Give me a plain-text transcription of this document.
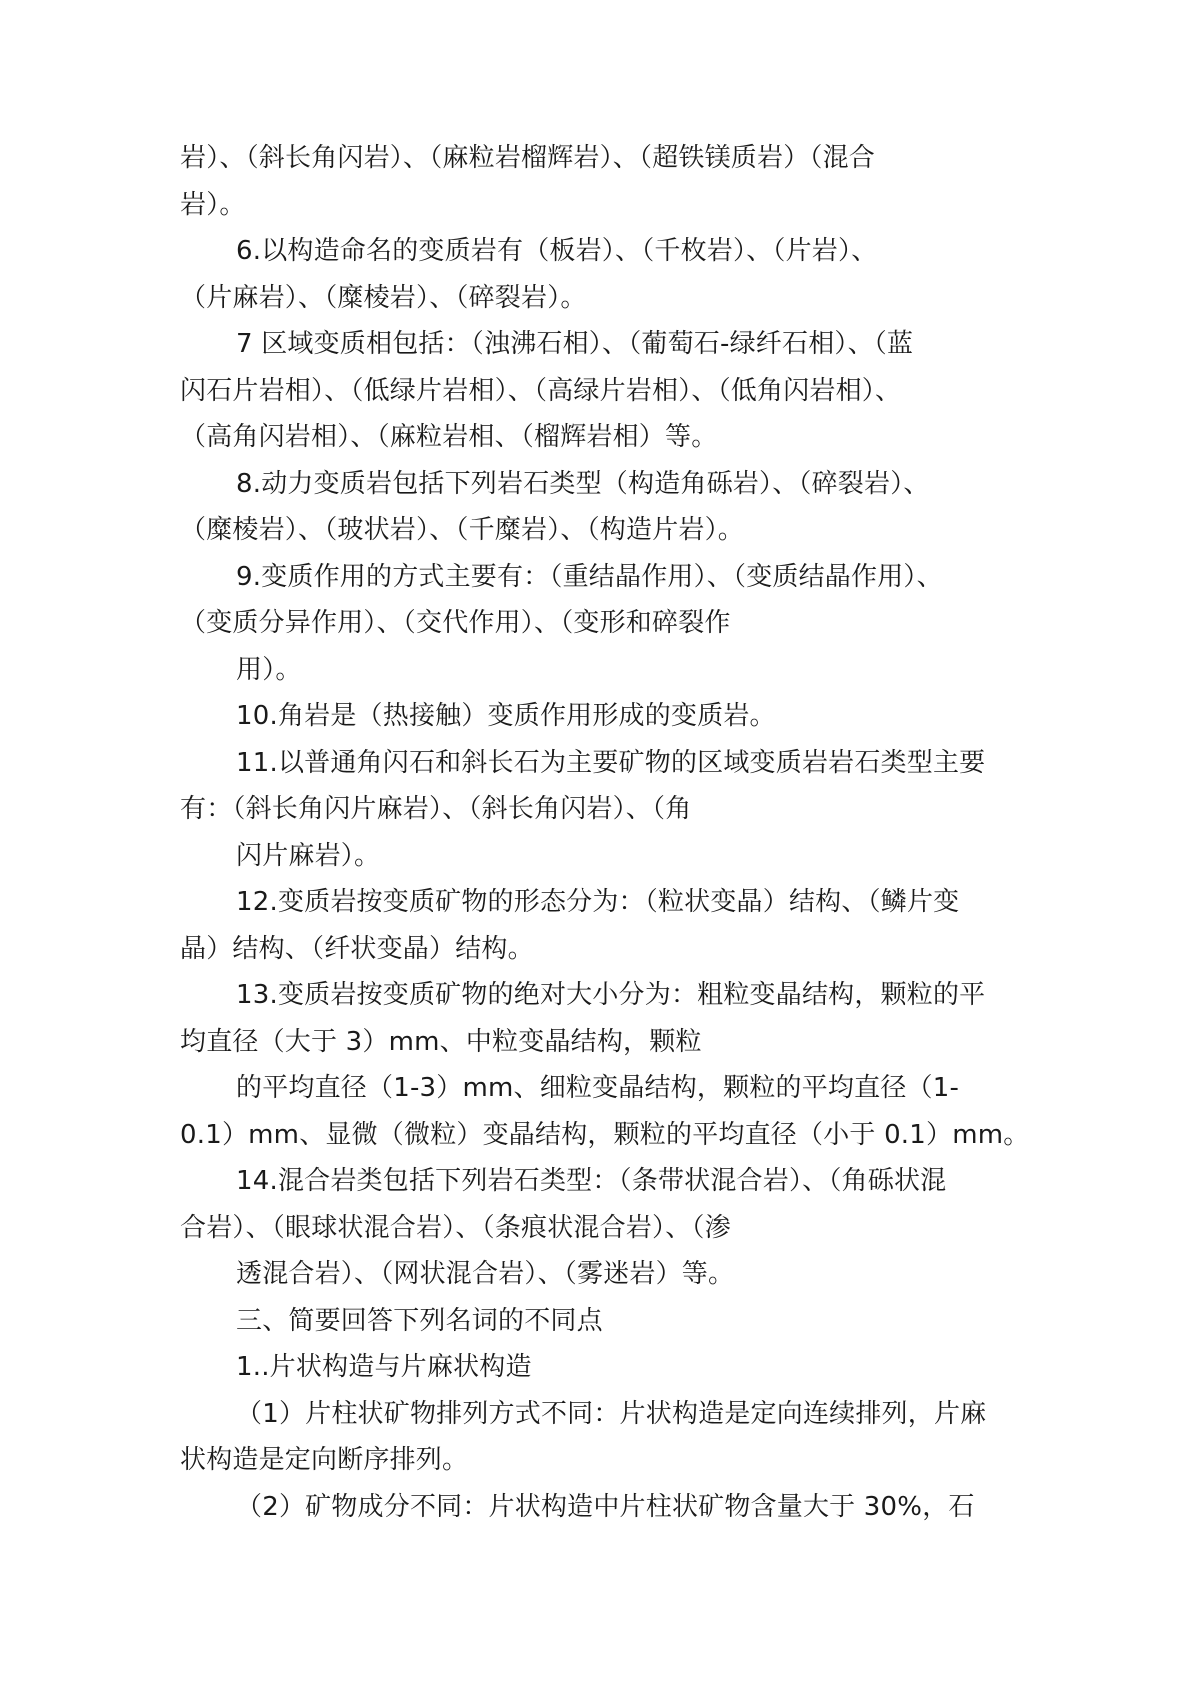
岩）、（斜长角闪岩）、（麻粒岩榴辉岩）、（超铁镁质岩）（混合
岩）。
6.以构造命名的变质岩有（板岩）、（千枚岩）、（片岩）、
（片麻岩）、（糜棱岩）、（碎裂岩）。
7 区域变质相包括：（浊沸石相）、（葡萄石-绿纤石相）、（蓝
闪石片岩相）、（低绿片岩相）、（高绿片岩相）、（低角闪岩相）、
（高角闪岩相）、（麻粒岩相、（榴辉岩相）等。
8.动力变质岩包括下列岩石类型（构造角砾岩）、（碎裂岩）、
（糜棱岩）、（玻状岩）、（千糜岩）、（构造片岩）。
9.变质作用的方式主要有：（重结晶作用）、（变质结晶作用）、
（变质分异作用）、（交代作用）、（变形和碎裂作
用）。
10.角岩是（热接触）变质作用形成的变质岩。
11.以普通角闪石和斜长石为主要矿物的区域变质岩岩石类型主要
有：（斜长角闪片麻岩）、（斜长角闪岩）、（角
闪片麻岩）。
12.变质岩按变质矿物的形态分为：（粒状变晶）结构、（鳞片变
晶）结构、（纤状变晶）结构。
13.变质岩按变质矿物的绝对大小分为：粗粒变晶结构，颗粒的平
均直径（大于 3）mm、中粒变晶结构，颗粒
的平均直径（1-3）mm、细粒变晶结构，颗粒的平均直径（1-
0.1）mm、显微（微粒）变晶结构，颗粒的平均直径（小于 0.1）mm。
14.混合岩类包括下列岩石类型：（条带状混合岩）、（角砾状混
合岩）、（眼球状混合岩）、（条痕状混合岩）、（渗
透混合岩）、（网状混合岩）、（雾迷岩）等。
三、简要回答下列名词的不同点
1..片状构造与片麻状构造
（1）片柱状矿物排列方式不同：片状构造是定向连续排列，片麻
状构造是定向断序排列。
（2）矿物成分不同：片状构造中片柱状矿物含量大于 30%，石
